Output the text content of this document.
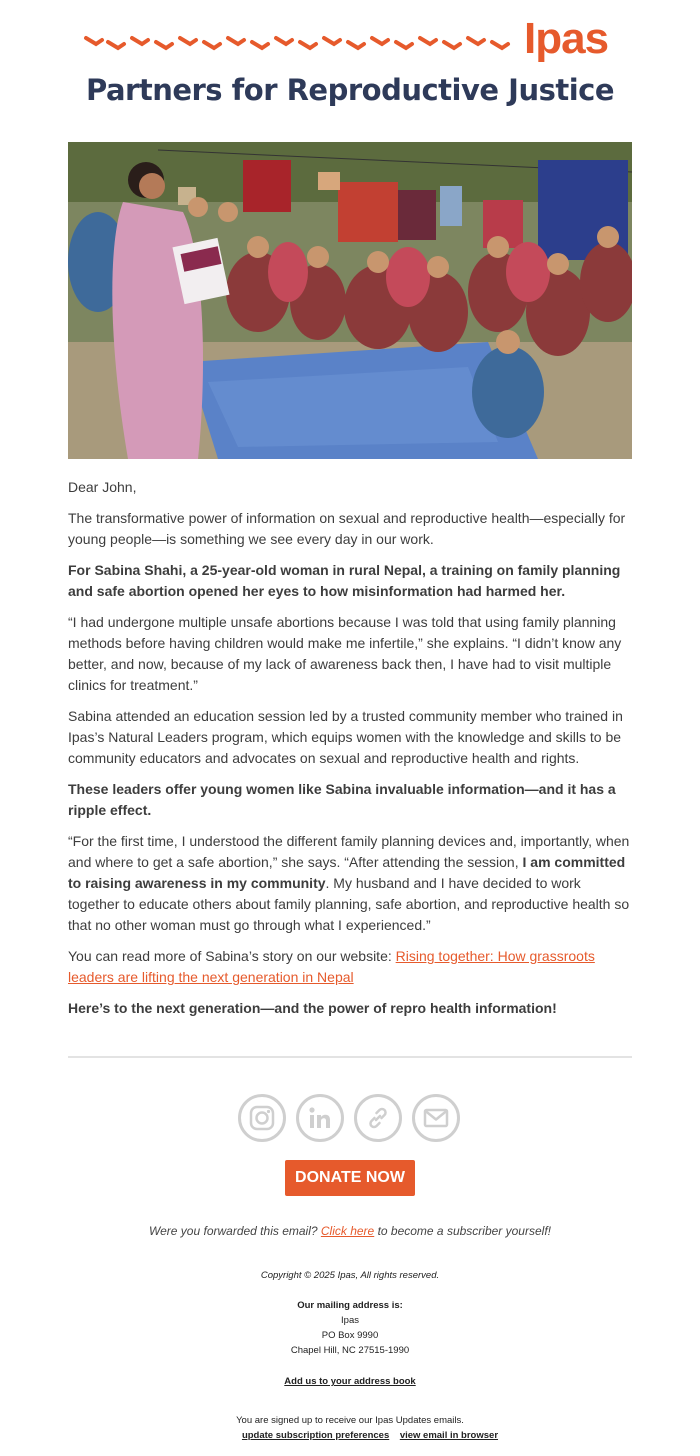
Ipas
Partners for Reproductive Justice

Dear John,

The transformative power of information on sexual and reproductive health—especially for young people—is something we see every day in our work.

For Sabina Shahi, a 25-year-old woman in rural Nepal, a training on family planning and safe abortion opened her eyes to how misinformation had harmed her.

“I had undergone multiple unsafe abortions because I was told that using family planning methods before having children would make me infertile,” she explains. “I didn’t know any better, and now, because of my lack of awareness back then, I have had to visit multiple clinics for treatment.”

Sabina attended an education session led by a trusted community member who trained in Ipas’s Natural Leaders program, which equips women with the knowledge and skills to be community educators and advocates on sexual and reproductive health and rights.

These leaders offer young women like Sabina invaluable information—and it has a ripple effect.

“For the first time, I understood the different family planning devices and, importantly, when and where to get a safe abortion,” she says. “After attending the session, I am committed to raising awareness in my community. My husband and I have decided to work together to educate others about family planning, safe abortion, and reproductive health so that no other woman must go through what I experienced.”

You can read more of Sabina’s story on our website: Rising together: How grassroots leaders are lifting the next generation in Nepal

Here’s to the next generation—and the power of repro health information!

DONATE NOW
Were you forwarded this email? Click here to become a subscriber yourself!
Copyright © 2025 Ipas, All rights reserved.
Our mailing address is:
Ipas
PO Box 9990
Chapel Hill, NC 27515-1990
Add us to your address book
You are signed up to receive our Ipas Updates emails.
update subscription preferences view email in browser
